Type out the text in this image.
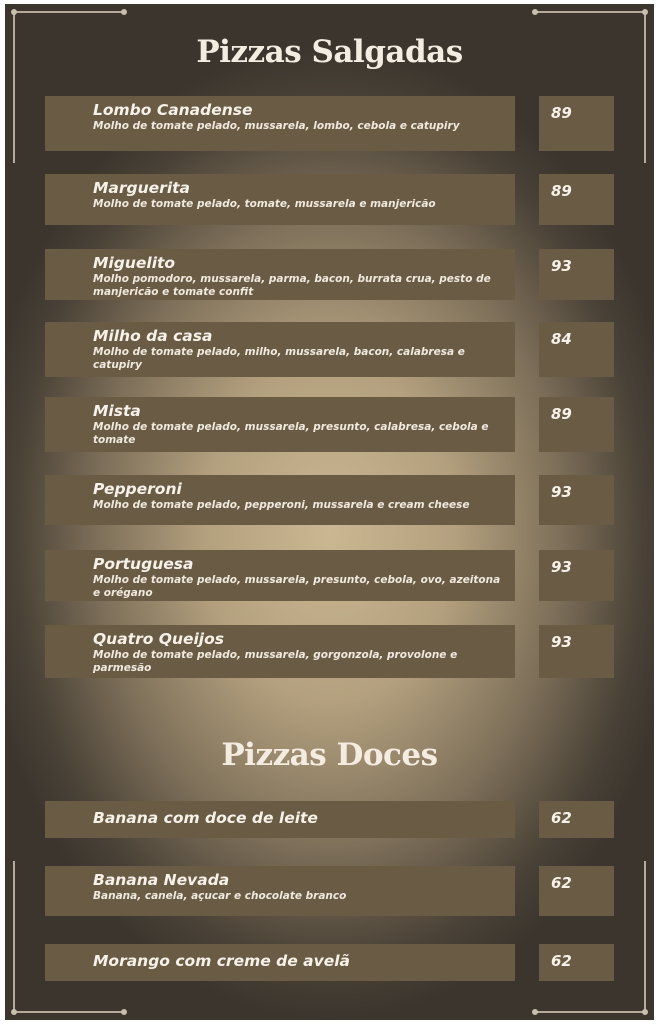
Pizzas Salgadas
Lombo Canadense
Molho de tomate pelado, mussarela, lombo, cebola e catupiry
89
Marguerita
Molho de tomate pelado, tomate, mussarela e manjericão
89
Miguelito
Molho pomodoro, mussarela, parma, bacon, burrata crua, pesto de manjericão e tomate confit
93
Milho da casa
Molho de tomate pelado, milho, mussarela, bacon, calabresa e catupiry
84
Mista
Molho de tomate pelado, mussarela, presunto, calabresa, cebola e tomate
89
Pepperoni
Molho de tomate pelado, pepperoni, mussarela e cream cheese
93
Portuguesa
Molho de tomate pelado, mussarela, presunto, cebola, ovo, azeitona e orégano
93
Quatro Queijos
Molho de tomate pelado, mussarela, gorgonzola, provolone e parmesão
93
Pizzas Doces
Banana com doce de leite	62
Banana Nevada
Banana, canela, açucar e chocolate branco
62
Morango com creme de avelã	62
